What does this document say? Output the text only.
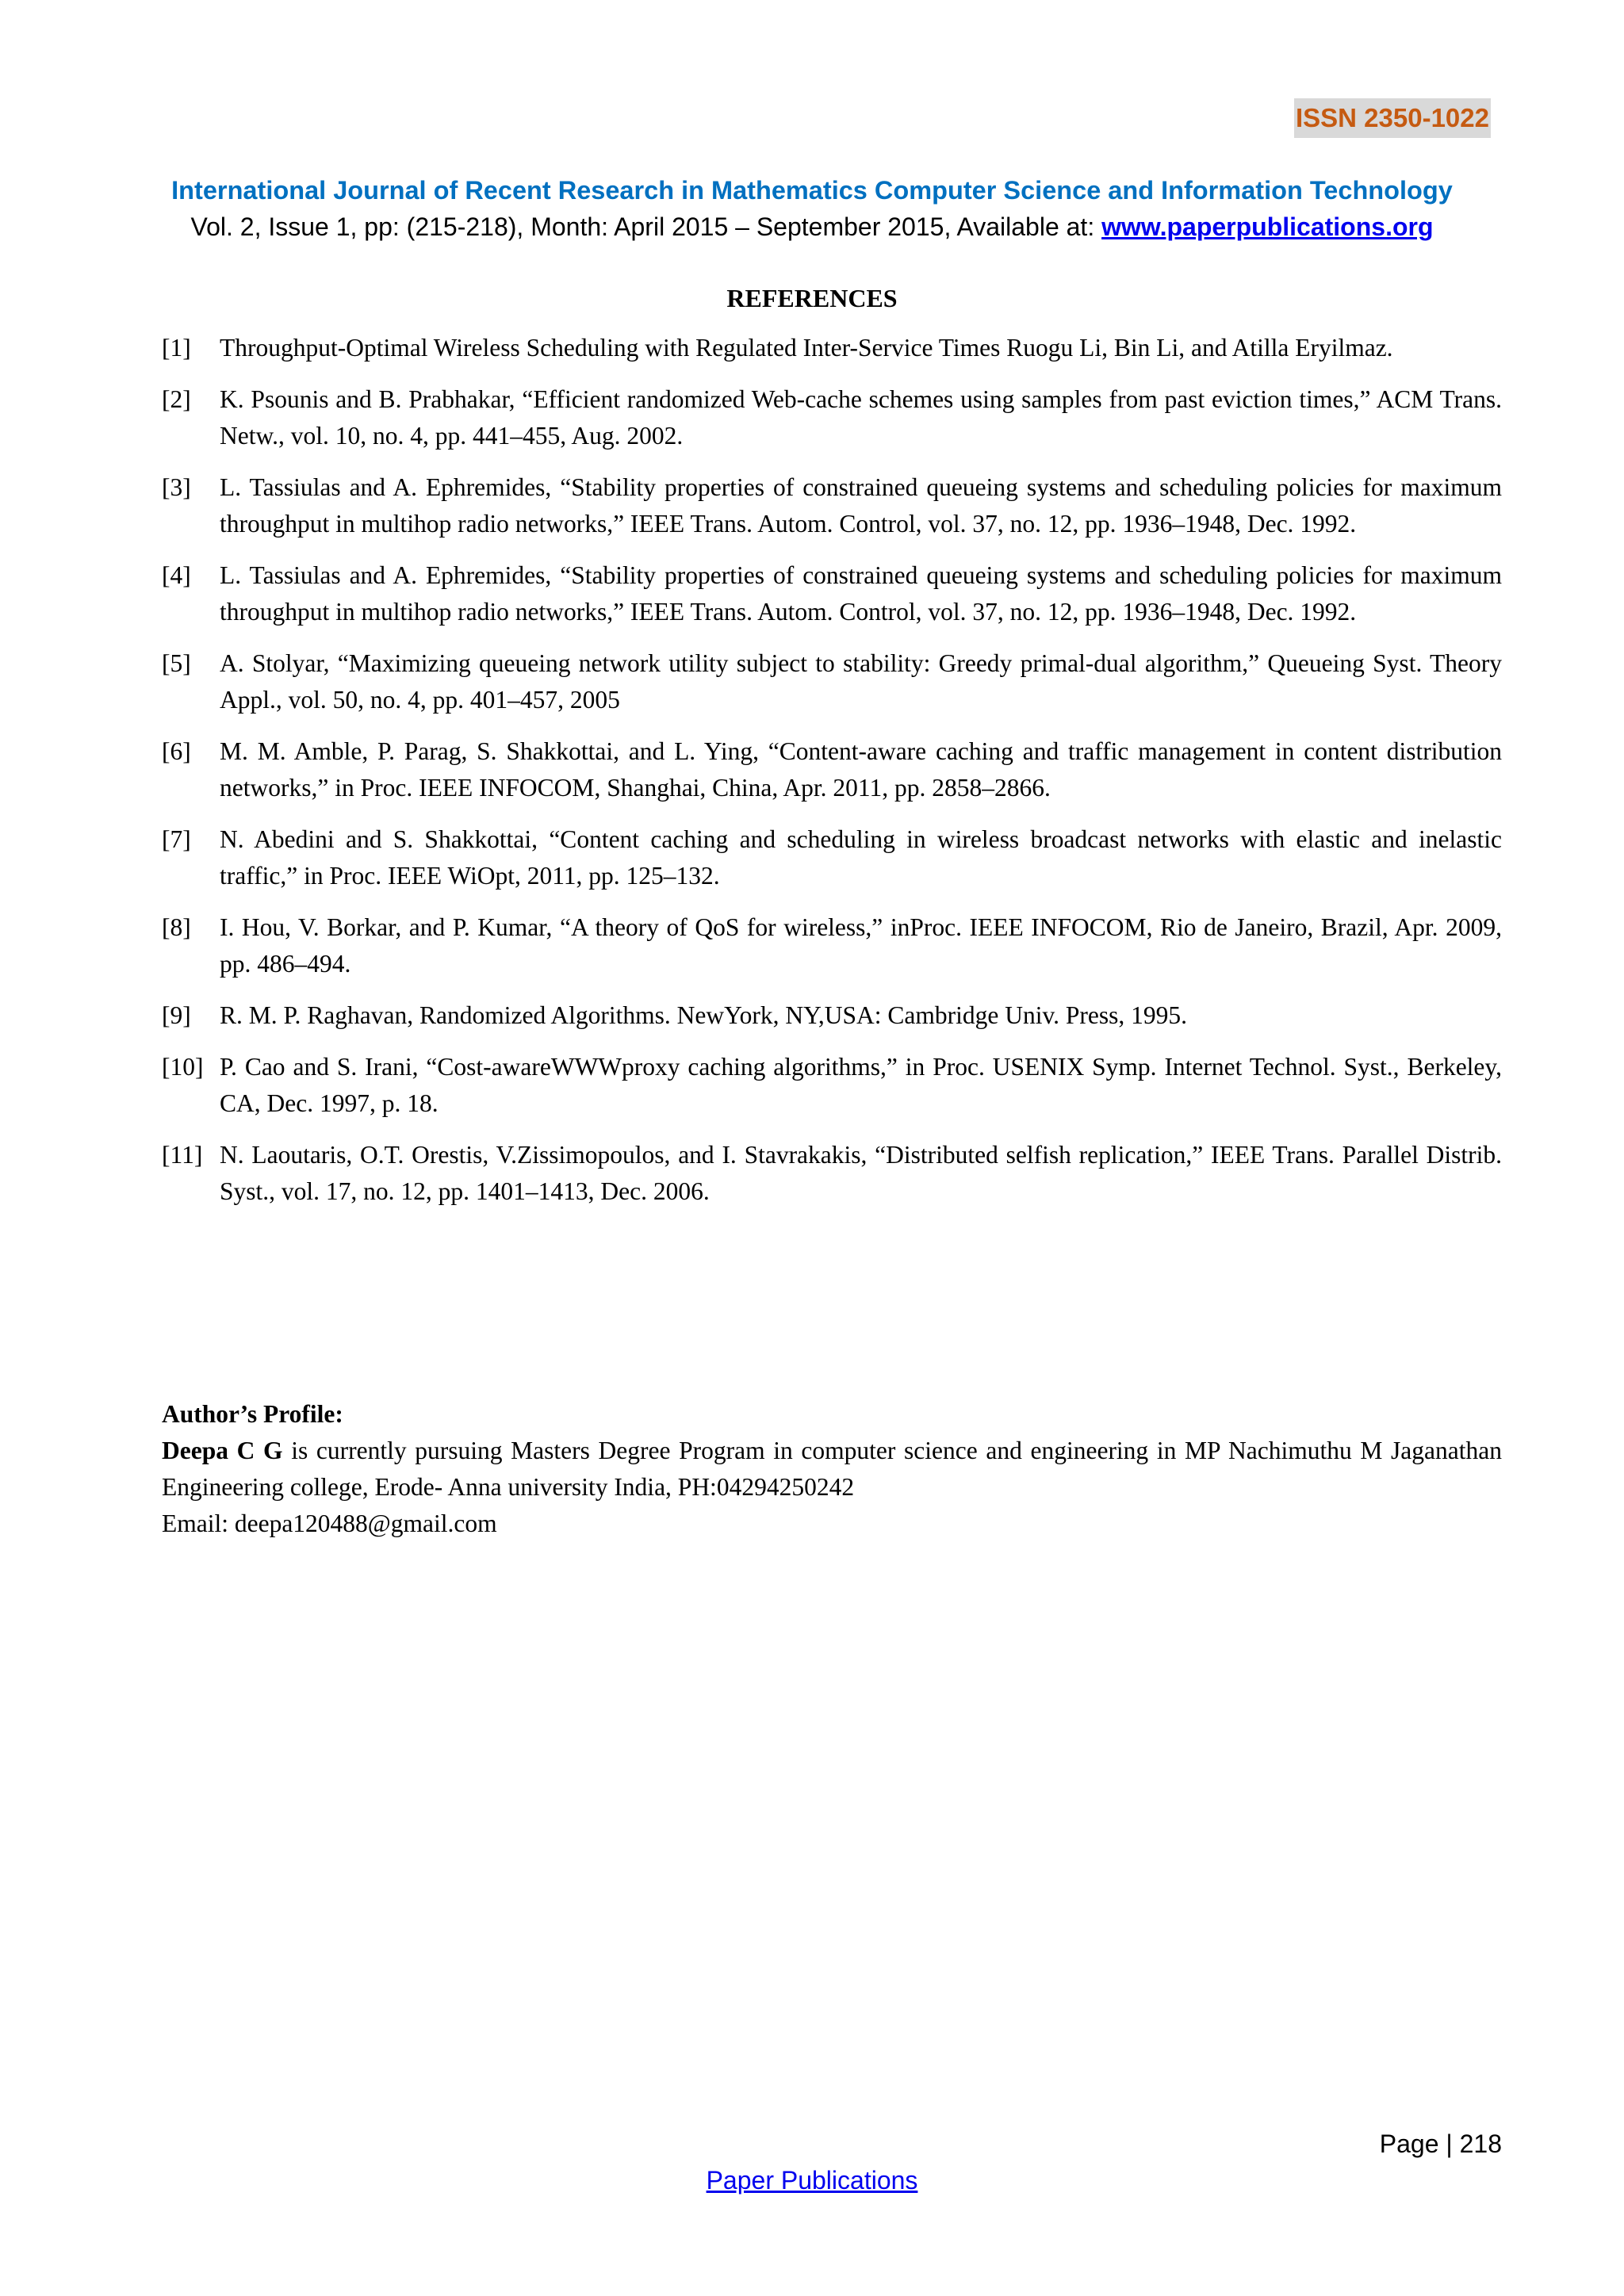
ISSN 2350-1022
International Journal of Recent Research in Mathematics Computer Science and Information Technology
Vol. 2, Issue 1, pp: (215-218), Month: April 2015 – September 2015, Available at: www.paperpublications.org
REFERENCES
[1] Throughput-Optimal Wireless Scheduling with Regulated Inter-Service Times Ruogu Li, Bin Li, and Atilla Eryilmaz.
[2] K. Psounis and B. Prabhakar, “Efficient randomized Web-cache schemes using samples from past eviction times,” ACM Trans. Netw., vol. 10, no. 4, pp. 441–455, Aug. 2002.
[3] L. Tassiulas and A. Ephremides, “Stability properties of constrained queueing systems and scheduling policies for maximum throughput in multihop radio networks,” IEEE Trans. Autom. Control, vol. 37, no. 12, pp. 1936–1948, Dec. 1992.
[4] L. Tassiulas and A. Ephremides, “Stability properties of constrained queueing systems and scheduling policies for maximum throughput in multihop radio networks,” IEEE Trans. Autom. Control, vol. 37, no. 12, pp. 1936–1948, Dec. 1992.
[5] A. Stolyar, “Maximizing queueing network utility subject to stability: Greedy primal-dual algorithm,” Queueing Syst. Theory Appl., vol. 50, no. 4, pp. 401–457, 2005
[6] M. M. Amble, P. Parag, S. Shakkottai, and L. Ying, “Content-aware caching and traffic management in content distribution networks,” in Proc. IEEE INFOCOM, Shanghai, China, Apr. 2011, pp. 2858–2866.
[7] N. Abedini and S. Shakkottai, “Content caching and scheduling in wireless broadcast networks with elastic and inelastic traffic,” in Proc. IEEE WiOpt, 2011, pp. 125–132.
[8] I. Hou, V. Borkar, and P. Kumar, “A theory of QoS for wireless,” inProc. IEEE INFOCOM, Rio de Janeiro, Brazil, Apr. 2009, pp. 486–494.
[9] R. M. P. Raghavan, Randomized Algorithms. NewYork, NY,USA: Cambridge Univ. Press, 1995.
[10] P. Cao and S. Irani, “Cost-awareWWWproxy caching algorithms,” in Proc. USENIX Symp. Internet Technol. Syst., Berkeley, CA, Dec. 1997, p. 18.
[11] N. Laoutaris, O.T. Orestis, V.Zissimopoulos, and I. Stavrakakis, “Distributed selfish replication,” IEEE Trans. Parallel Distrib. Syst., vol. 17, no. 12, pp. 1401–1413, Dec. 2006.
Author’s Profile:
Deepa C G is currently pursuing Masters Degree Program in computer science and engineering in MP Nachimuthu M Jaganathan Engineering college, Erode- Anna university India, PH:04294250242
Email: deepa120488@gmail.com
Page | 218
Paper Publications
